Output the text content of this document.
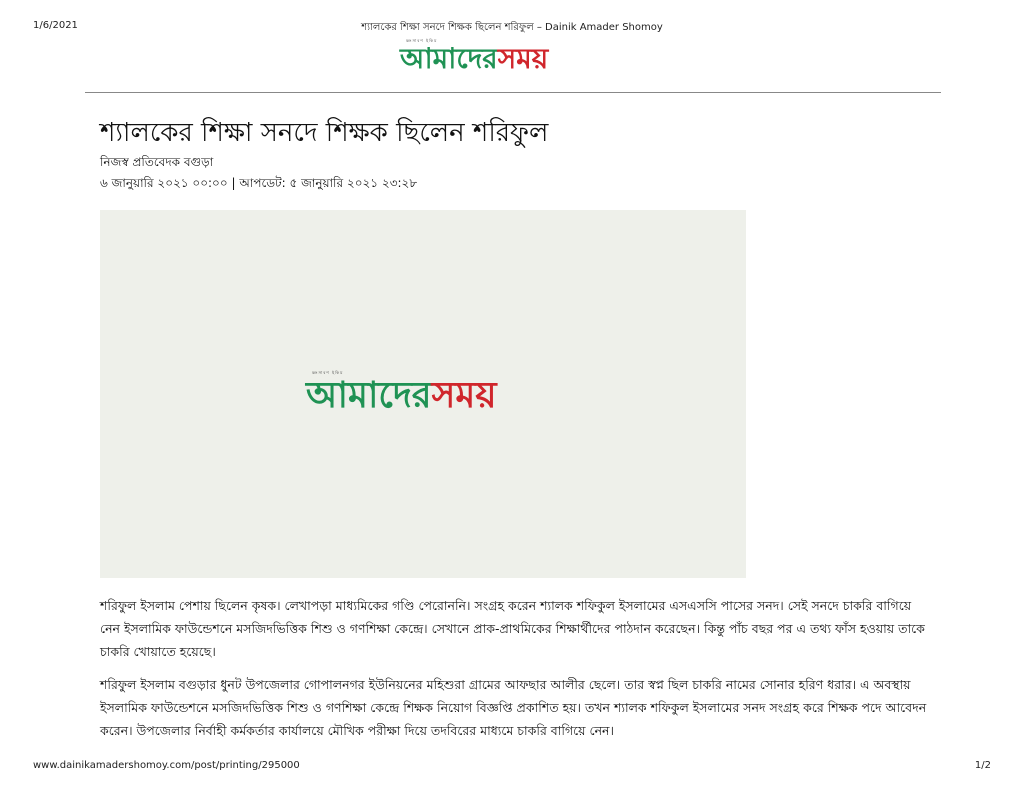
1/6/2021	শ্যালকের শিক্ষা সনদে শিক্ষক ছিলেন শরিফুল – Dainik Amader Shomoy
ধ্বংসাবশ ইকিয়
আমাদেরসময়
শ্যালকের শিক্ষা সনদে শিক্ষক ছিলেন শরিফুল
নিজস্ব প্রতিবেদক বগুড়া
৬ জানুয়ারি ২০২১ ০০:০০ | আপডেট: ৫ জানুয়ারি ২০২১ ২৩:২৮
ধ্বংসাবশ ইকিয়
আমাদেরসময়

শরিফুল ইসলাম পেশায় ছিলেন কৃষক। লেখাপড়া মাধ্যমিকের গণ্ডি পেরোননি। সংগ্রহ করেন শ্যালক শফিকুল ইসলামের এসএসসি পাসের সনদ। সেই সনদে চাকরি বাগিয়ে নেন ইসলামিক ফাউন্ডেশনে মসজিদভিত্তিক শিশু ও গণশিক্ষা কেন্দ্রে। সেখানে প্রাক-প্রাথমিকের শিক্ষার্থীদের পাঠদান করেছেন। কিন্তু পাঁচ বছর পর এ তথ্য ফাঁস হওয়ায় তাকে চাকরি খোয়াতে হয়েছে।

শরিফুল ইসলাম বগুড়ার ধুনট উপজেলার গোপালনগর ইউনিয়নের মহিশুরা গ্রামের আফছার আলীর ছেলে। তার স্বপ্ন ছিল চাকরি নামের সোনার হরিণ ধরার। এ অবস্থায় ইসলামিক ফাউন্ডেশনে মসজিদভিত্তিক শিশু ও গণশিক্ষা কেন্দ্রে শিক্ষক নিয়োগ বিজ্ঞপ্তি প্রকাশিত হয়। তখন শ্যালক শফিকুল ইসলামের সনদ সংগ্রহ করে শিক্ষক পদে আবেদন করেন। উপজেলার নির্বাহী কর্মকর্তার কার্যালয়ে মৌখিক পরীক্ষা দিয়ে তদবিরের মাধ্যমে চাকরি বাগিয়ে নেন।

www.dainikamadershomoy.com/post/printing/295000	1/2
